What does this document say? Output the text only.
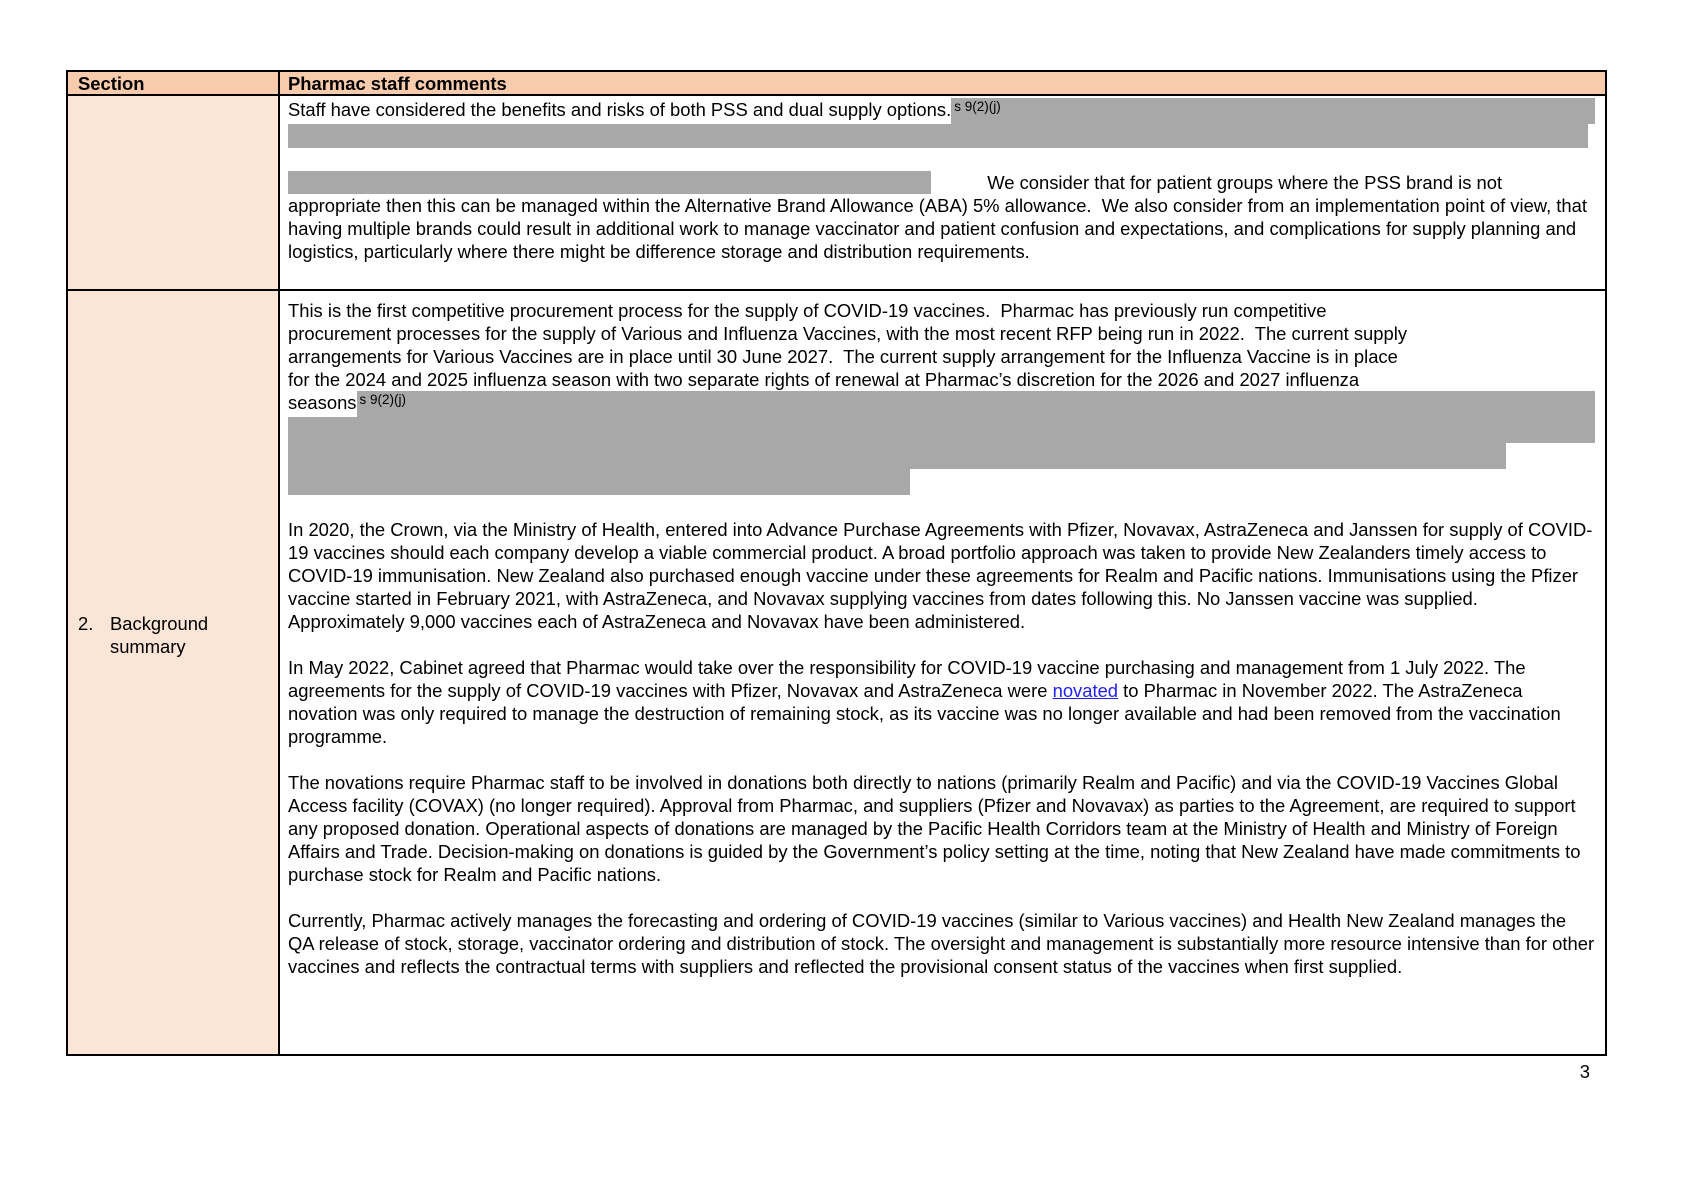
Section	Pharmac staff comments
Staff have considered the benefits and risks of both PSS and dual supply options. s 9(2)(j)

We consider that for patient groups where the PSS brand is not appropriate then this can be managed within the Alternative Brand Allowance (ABA) 5% allowance.  We also consider from an implementation point of view, that having multiple brands could result in additional work to manage vaccinator and patient confusion and expectations, and complications for supply planning and logistics, particularly where there might be difference storage and distribution requirements.

2. Background summary
This is the first competitive procurement process for the supply of COVID-19 vaccines.  Pharmac has previously run competitive
procurement processes for the supply of Various and Influenza Vaccines, with the most recent RFP being run in 2022.  The current supply
arrangements for Various Vaccines are in place until 30 June 2027.  The current supply arrangement for the Influenza Vaccine is in place
for the 2024 and 2025 influenza season with two separate rights of renewal at Pharmac’s discretion for the 2026 and 2027 influenza
seasons s 9(2)(j)

In 2020, the Crown, via the Ministry of Health, entered into Advance Purchase Agreements with Pfizer, Novavax, AstraZeneca and Janssen for supply of COVID-19 vaccines should each company develop a viable commercial product. A broad portfolio approach was taken to provide New Zealanders timely access to COVID-19 immunisation. New Zealand also purchased enough vaccine under these agreements for Realm and Pacific nations. Immunisations using the Pfizer vaccine started in February 2021, with AstraZeneca, and Novavax supplying vaccines from dates following this. No Janssen vaccine was supplied. Approximately 9,000 vaccines each of AstraZeneca and Novavax have been administered.

In May 2022, Cabinet agreed that Pharmac would take over the responsibility for COVID-19 vaccine purchasing and management from 1 July 2022. The agreements for the supply of COVID-19 vaccines with Pfizer, Novavax and AstraZeneca were novated to Pharmac in November 2022. The AstraZeneca novation was only required to manage the destruction of remaining stock, as its vaccine was no longer available and had been removed from the vaccination programme.

The novations require Pharmac staff to be involved in donations both directly to nations (primarily Realm and Pacific) and via the COVID-19 Vaccines Global Access facility (COVAX) (no longer required). Approval from Pharmac, and suppliers (Pfizer and Novavax) as parties to the Agreement, are required to support any proposed donation. Operational aspects of donations are managed by the Pacific Health Corridors team at the Ministry of Health and Ministry of Foreign Affairs and Trade. Decision-making on donations is guided by the Government’s policy setting at the time, noting that New Zealand have made commitments to purchase stock for Realm and Pacific nations.

Currently, Pharmac actively manages the forecasting and ordering of COVID-19 vaccines (similar to Various vaccines) and Health New Zealand manages the QA release of stock, storage, vaccinator ordering and distribution of stock. The oversight and management is substantially more resource intensive than for other vaccines and reflects the contractual terms with suppliers and reflected the provisional consent status of the vaccines when first supplied.

3
